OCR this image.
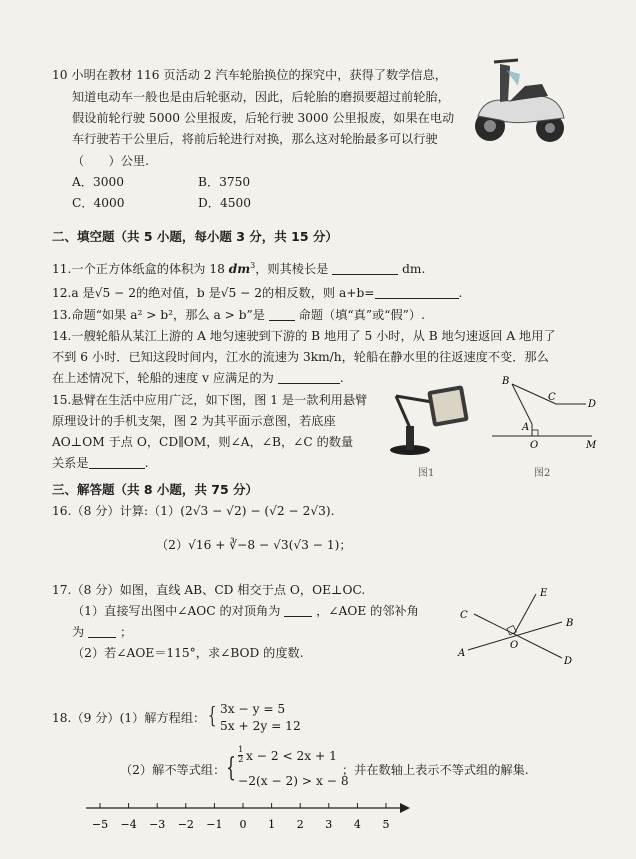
10 小明在教材 116 页活动 2 汽车轮胎换位的探究中，获得了数学信息，
知道电动车一般也是由后轮驱动，因此，后轮胎的磨损要超过前轮胎，
假设前轮行驶 5000 公里报废，后轮行驶 3000 公里报废，如果在电动
车行驶若干公里后，将前后轮进行对换，那么这对轮胎最多可以行驶
（　　）公里.
A．3000	B．3750
C．4000	D．4500
二、填空题（共 5 小题，每小题 3 分，共 15 分）
11.一个正方体纸盒的体积为 18 $dm^3$，则其棱长是	dm.
12.a 是√5 − 2的绝对值，b 是√5 − 2的相反数，则 a+b=	.
13.命题“如果 a² > b²，那么 a > b”是	命题（填“真”或“假”）.
14.一艘轮船从某江上游的 A 地匀速驶到下游的 B 地用了 5 小时，从 B 地匀速返回 A 地用了
不到 6 小时．已知这段时间内，江水的流速为 3km/h，轮船在静水里的往返速度不变．那么
在上述情况下，轮船的速度 v 应满足的为	.
15.悬臂在生活中应用广泛，如下图，图 1 是一款利用悬臂
原理设计的手机支架，图 2 为其平面示意图，若底座
AO⊥OM 于点 O，CD∥OM，则∠A，∠B，∠C 的数量
关系是	.
图1
B
C
D
A
O	M
图2
三、解答题（共 8 小题，共 75 分）
16.（8 分）计算:（1）(2√3 − √2) − (√2 − 2√3).
（2）√16 + ∛−8 − √3(√3 − 1)；
17.（8 分）如图，直线 AB、CD 相交于点 O，OE⊥OC.
（1）直接写出图中∠AOC 的对顶角为	，∠AOE 的邻补角
为	；
（2）若∠AOE＝115°，求∠BOD 的度数.
E
C
B
O
A
D
18.（9 分）(1）解方程组： { 3x − y = 5
5x + 2y = 12
（2）解不等式组： { $\frac{1}{2}$ x − 2 < 2x + 1
−2(x − 2) > x − 8
；并在数轴上表示不等式组的解集.
−5 −4 −3 −2 −1 0 1 2 3 4 5
